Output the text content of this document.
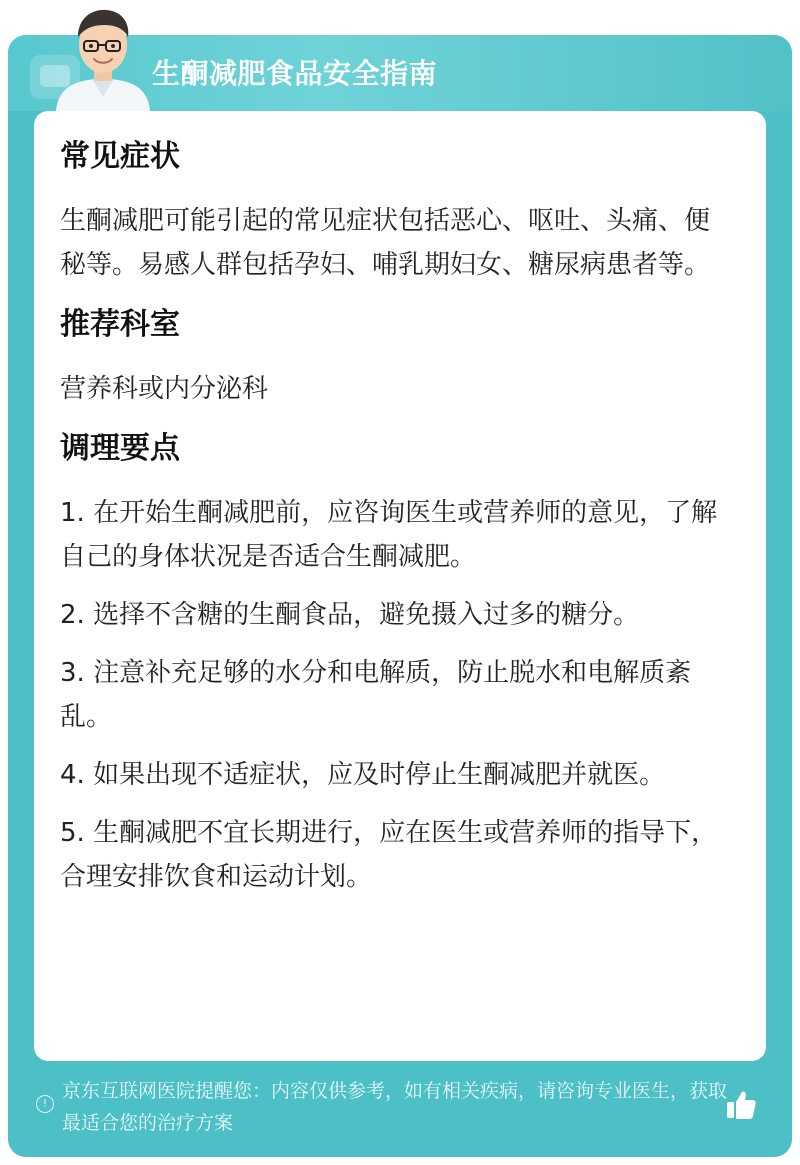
生酮减肥食品安全指南
常见症状
生酮减肥可能引起的常见症状包括恶心、呕吐、头痛、便秘等。易感人群包括孕妇、哺乳期妇女、糖尿病患者等。
推荐科室
营养科或内分泌科
调理要点
1. 在开始生酮减肥前，应咨询医生或营养师的意见，了解自己的身体状况是否适合生酮减肥。
2. 选择不含糖的生酮食品，避免摄入过多的糖分。
3. 注意补充足够的水分和电解质，防止脱水和电解质紊乱。
4. 如果出现不适症状，应及时停止生酮减肥并就医。
5. 生酮减肥不宜长期进行，应在医生或营养师的指导下，合理安排饮食和运动计划。
!
京东互联网医院提醒您：内容仅供参考，如有相关疾病，请咨询专业医生，获取最适合您的治疗方案
